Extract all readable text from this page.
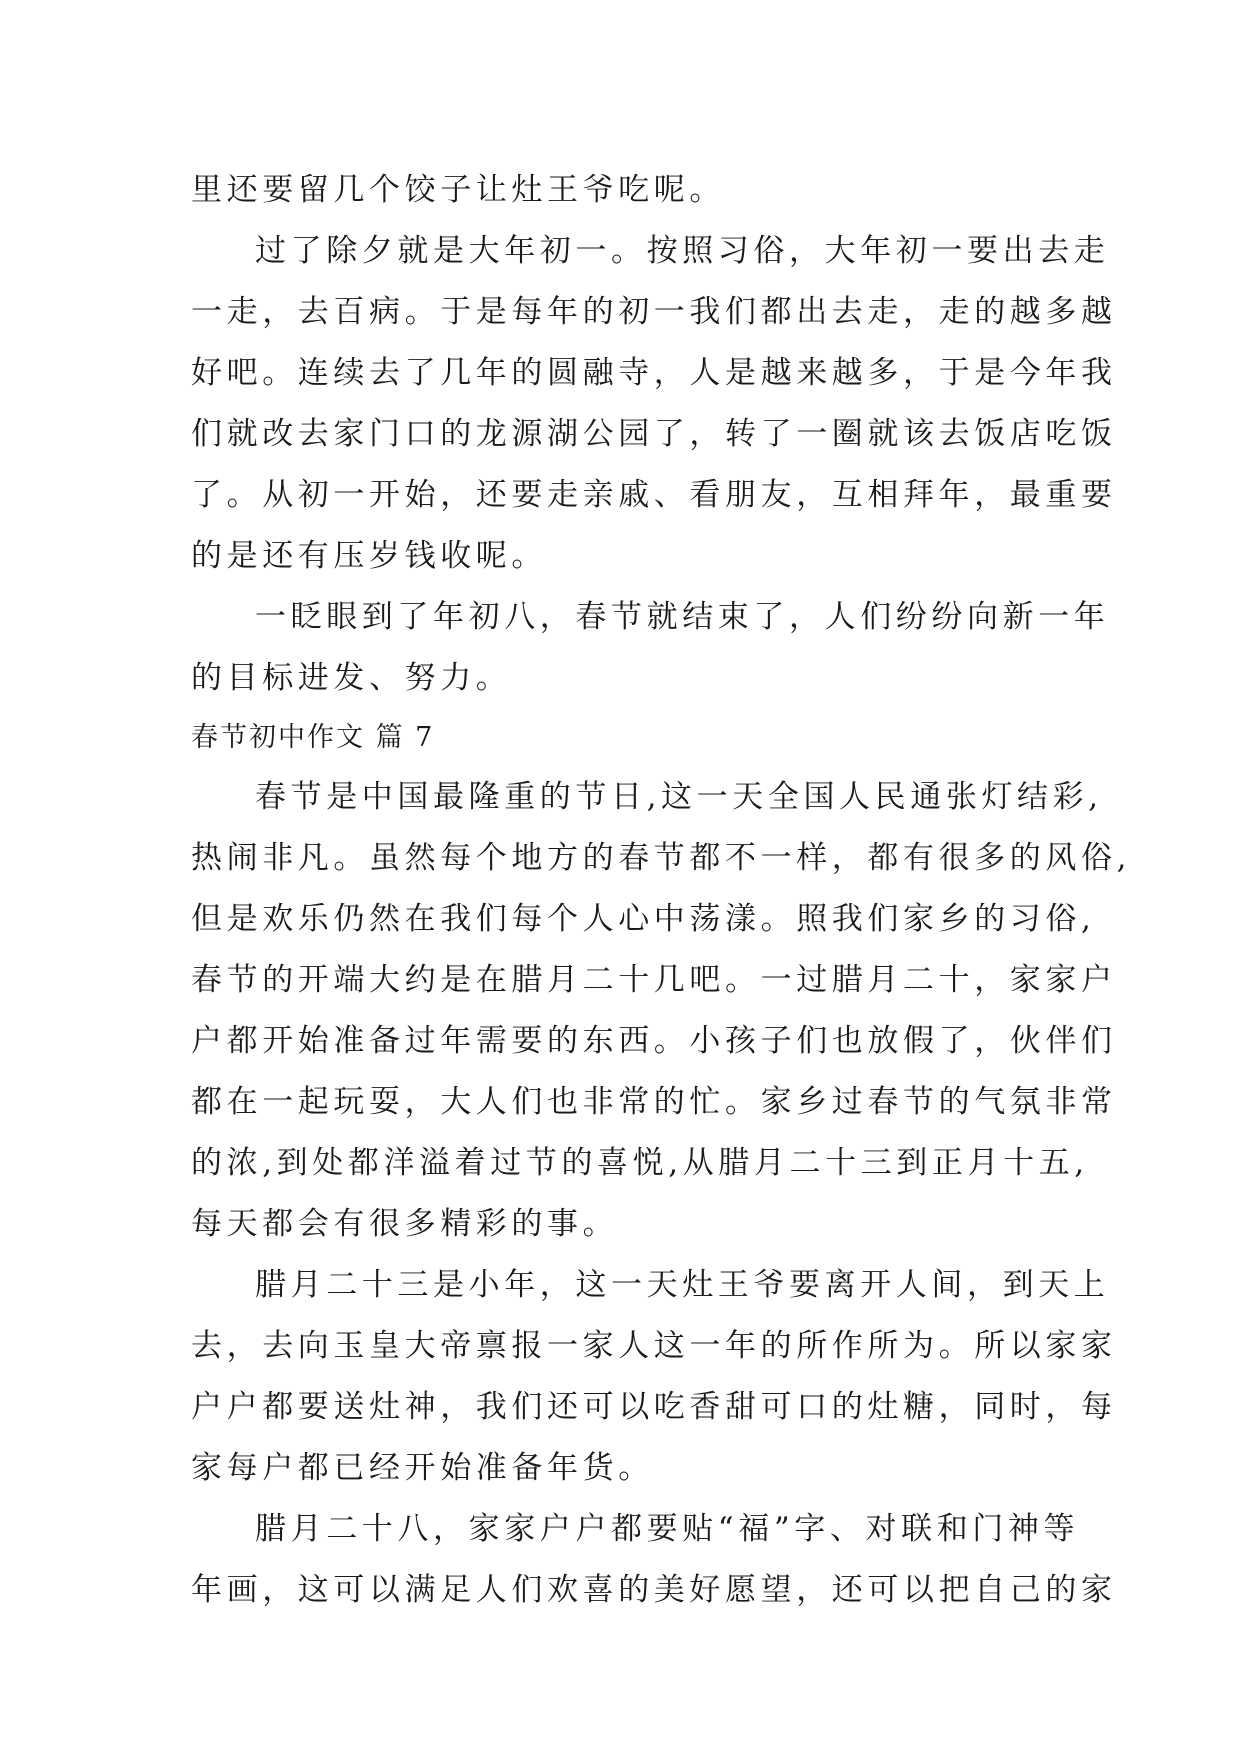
里还要留几个饺子让灶王爷吃呢。
过了除夕就是大年初一。按照习俗，大年初一要出去走
一走，去百病。于是每年的初一我们都出去走，走的越多越
好吧。连续去了几年的圆融寺，人是越来越多，于是今年我
们就改去家门口的龙源湖公园了，转了一圈就该去饭店吃饭
了。从初一开始，还要走亲戚、看朋友，互相拜年，最重要
的是还有压岁钱收呢。
一眨眼到了年初八，春节就结束了，人们纷纷向新一年
的目标进发、努力。
春节初中作文 篇 7
春节是中国最隆重的节日,这一天全国人民通张灯结彩,
热闹非凡。虽然每个地方的春节都不一样，都有很多的风俗,
但是欢乐仍然在我们每个人心中荡漾。照我们家乡的习俗,
春节的开端大约是在腊月二十几吧。一过腊月二十，家家户
户都开始准备过年需要的东西。小孩子们也放假了，伙伴们
都在一起玩耍，大人们也非常的忙。家乡过春节的气氛非常
的浓,到处都洋溢着过节的喜悦,从腊月二十三到正月十五,
每天都会有很多精彩的事。
腊月二十三是小年，这一天灶王爷要离开人间，到天上
去，去向玉皇大帝禀报一家人这一年的所作所为。所以家家
户户都要送灶神，我们还可以吃香甜可口的灶糖，同时，每
家每户都已经开始准备年货。
腊月二十八，家家户户都要贴“福”字、对联和门神等
年画，这可以满足人们欢喜的美好愿望，还可以把自己的家
